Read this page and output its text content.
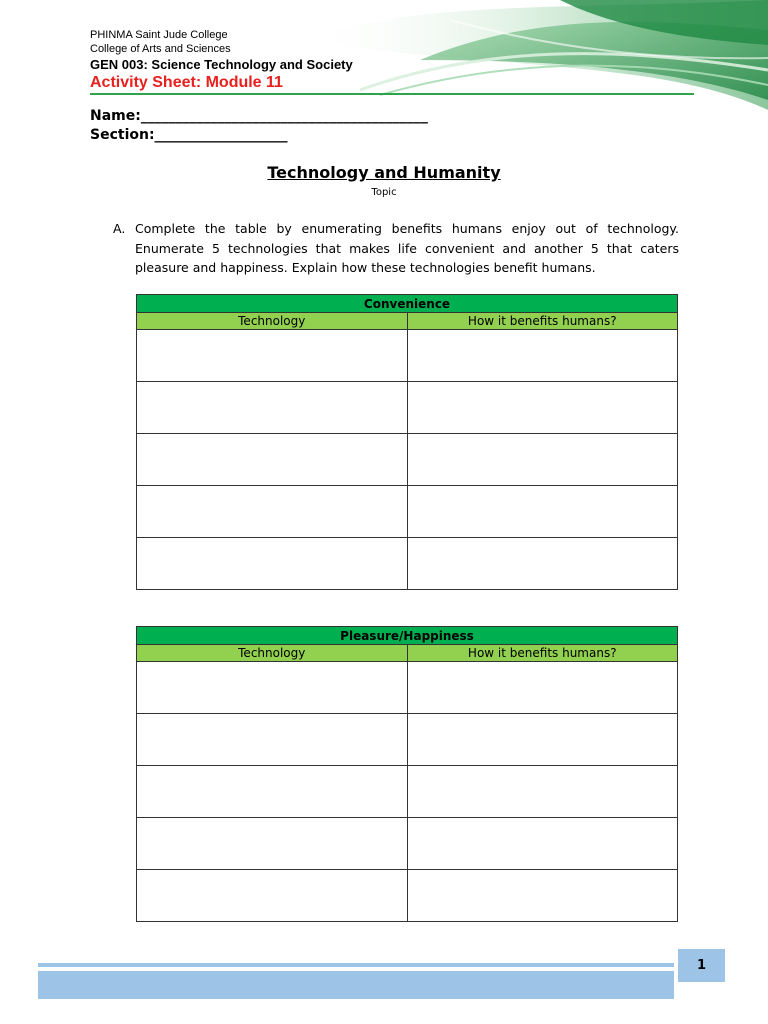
PHINMA Saint Jude College
College of Arts and Sciences
GEN 003: Science Technology and Society
Activity Sheet: Module 11
Name:_________________________________________
Section:___________________
Technology and Humanity
Topic
A. Complete the table by enumerating benefits humans enjoy out of technology. Enumerate 5 technologies that makes life convenient and another 5 that caters pleasure and happiness. Explain how these technologies benefit humans.
Convenience	
Technology	How it benefits humans?

Pleasure/Happiness	
Technology	How it benefits humans?

1
